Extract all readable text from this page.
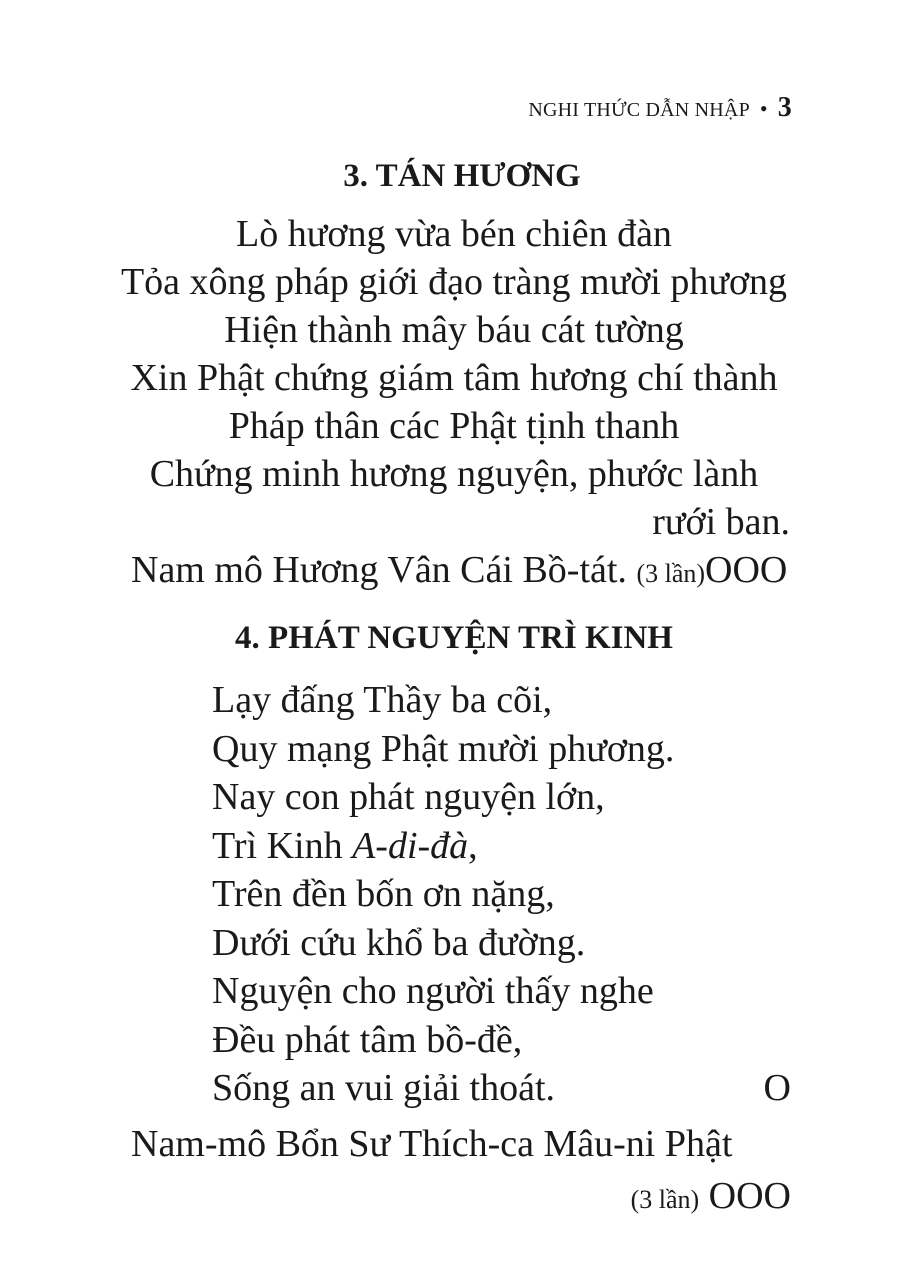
NGHI THỨC DẪN NHẬP • 3
3. TÁN HƯƠNG
Lò hương vừa bén chiên đàn
Tỏa xông pháp giới đạo tràng mười phương
Hiện thành mây báu cát tường
Xin Phật chứng giám tâm hương chí thành
Pháp thân các Phật tịnh thanh
Chứng minh hương nguyện, phước lành
rưới ban.
Nam mô Hương Vân Cái Bồ-tát. (3 lần)OOO
4. PHÁT NGUYỆN TRÌ KINH
Lạy đấng Thầy ba cõi,
Quy mạng Phật mười phương.
Nay con phát nguyện lớn,
Trì Kinh A-di-đà,
Trên đền bốn ơn nặng,
Dưới cứu khổ ba đường.
Nguyện cho người thấy nghe
Đều phát tâm bồ-đề,
Sống an vui giải thoát.	O
Nam-mô Bổn Sư Thích-ca Mâu-ni Phật
(3 lần) OOO
